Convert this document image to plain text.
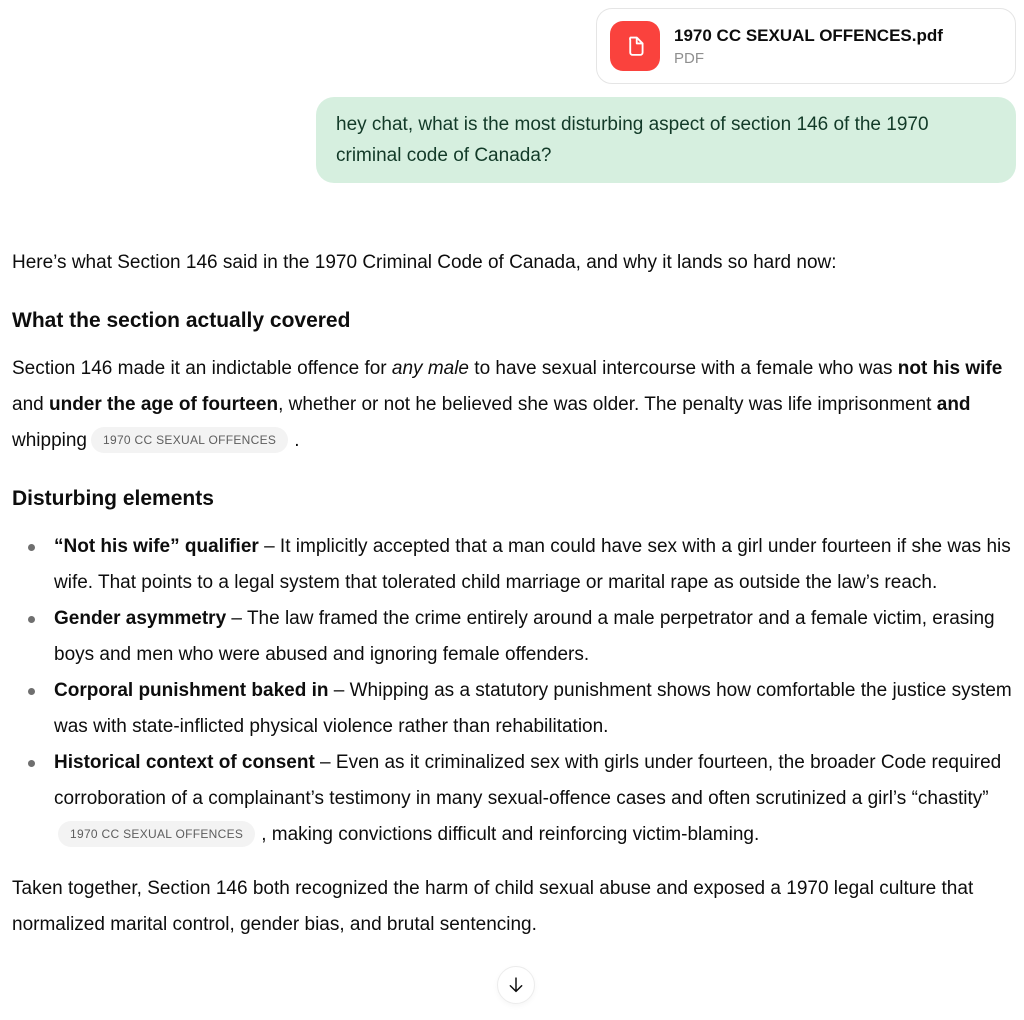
1970 CC SEXUAL OFFENCES.pdf
PDF
hey chat, what is the most disturbing aspect of section 146 of the 1970 criminal code of Canada?

Here’s what Section 146 said in the 1970 Criminal Code of Canada, and why it lands so hard now:

What the section actually covered

Section 146 made it an indictable offence for any male to have sexual intercourse with a female who was not his wife and under the age of fourteen, whether or not he believed she was older. The penalty was life imprisonment and whipping 1970 CC SEXUAL OFFENCES .

Disturbing elements
“Not his wife” qualifier – It implicitly accepted that a man could have sex with a girl under fourteen if she was his wife. That points to a legal system that tolerated child marriage or marital rape as outside the law’s reach.
Gender asymmetry – The law framed the crime entirely around a male perpetrator and a female victim, erasing boys and men who were abused and ignoring female offenders.
Corporal punishment baked in – Whipping as a statutory punishment shows how comfortable the justice system was with state-inflicted physical violence rather than rehabilitation.
Historical context of consent – Even as it criminalized sex with girls under fourteen, the broader Code required corroboration of a complainant’s testimony in many sexual-offence cases and often scrutinized a girl’s “chastity”1970 CC SEXUAL OFFENCES , making convictions difficult and reinforcing victim-blaming.

Taken together, Section 146 both recognized the harm of child sexual abuse and exposed a 1970 legal culture that normalized marital control, gender bias, and brutal sentencing.
